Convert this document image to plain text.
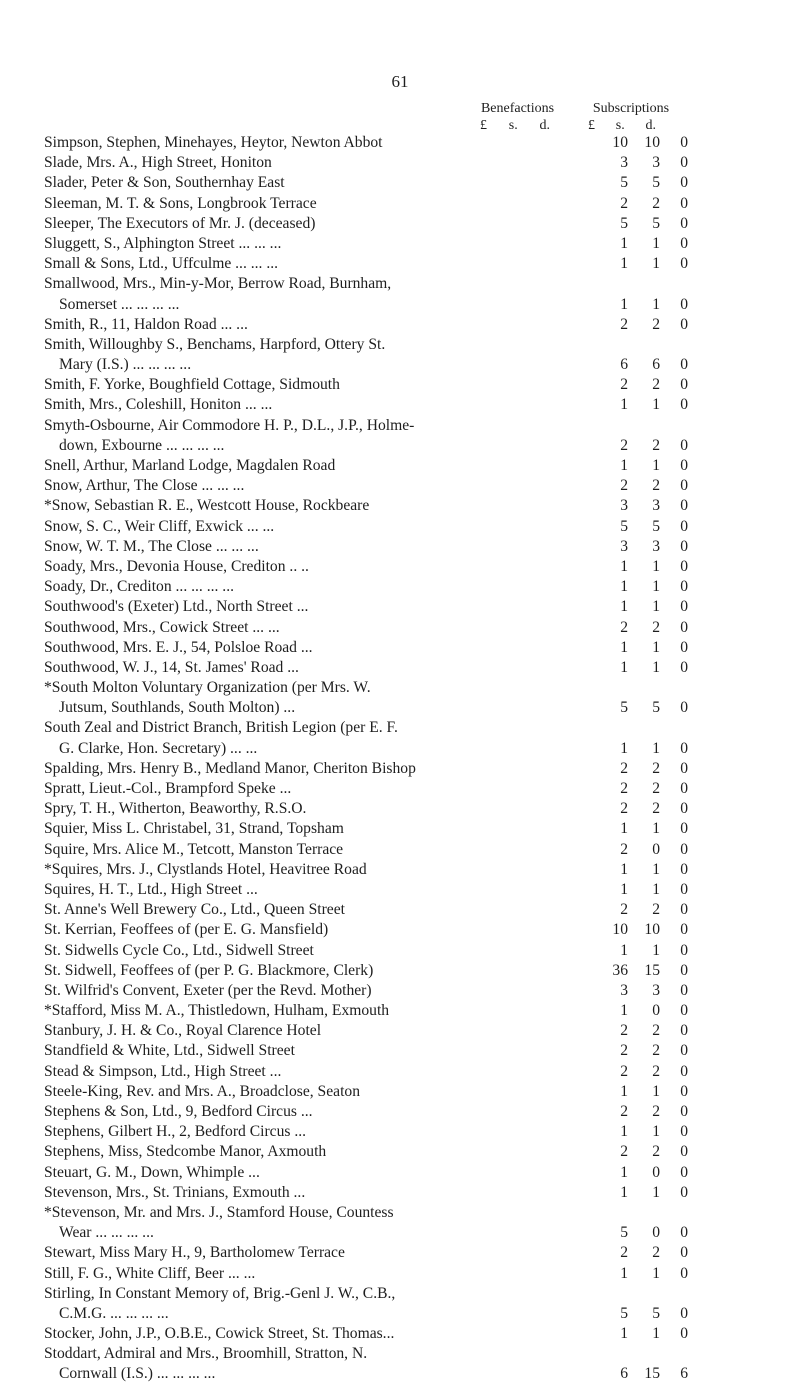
61
Benefactions
£ s. d.
Subscriptions
£ s. d.
Simpson, Stephen, Minehayes, Heytor, Newton Abbot	10	10	0
Slade, Mrs. A., High Street, Honiton	3	3	0
Slader, Peter & Son, Southernhay East	5	5	0
Sleeman, M. T. & Sons, Longbrook Terrace	2	2	0
Sleeper, The Executors of Mr. J. (deceased)	5	5	0
Sluggett, S., Alphington Street ... ... ...	1	1	0
Small & Sons, Ltd., Uffculme ... ... ...	1	1	0
Smallwood, Mrs., Min-y-Mor, Berrow Road, Burnham,
Somerset ... ... ... ...	1	1	0
Smith, R., 11, Haldon Road ... ...	2	2	0
Smith, Willoughby S., Benchams, Harpford, Ottery St.
Mary (I.S.) ... ... ... ...	6	6	0
Smith, F. Yorke, Boughfield Cottage, Sidmouth	2	2	0
Smith, Mrs., Coleshill, Honiton ... ...	1	1	0
Smyth-Osbourne, Air Commodore H. P., D.L., J.P., Holme-
down, Exbourne ... ... ... ...	2	2	0
Snell, Arthur, Marland Lodge, Magdalen Road	1	1	0
Snow, Arthur, The Close ... ... ...	2	2	0
*Snow, Sebastian R. E., Westcott House, Rockbeare	3	3	0
Snow, S. C., Weir Cliff, Exwick ... ...	5	5	0
Snow, W. T. M., The Close ... ... ...	3	3	0
Soady, Mrs., Devonia House, Crediton .. ..	1	1	0
Soady, Dr., Crediton ... ... ... ...	1	1	0
Southwood's (Exeter) Ltd., North Street ...	1	1	0
Southwood, Mrs., Cowick Street ... ...	2	2	0
Southwood, Mrs. E. J., 54, Polsloe Road ...	1	1	0
Southwood, W. J., 14, St. James' Road ...	1	1	0
*South Molton Voluntary Organization (per Mrs. W.
Jutsum, Southlands, South Molton) ...	5	5	0
South Zeal and District Branch, British Legion (per E. F.
G. Clarke, Hon. Secretary) ... ...	1	1	0
Spalding, Mrs. Henry B., Medland Manor, Cheriton Bishop	2	2	0
Spratt, Lieut.-Col., Brampford Speke ...	2	2	0
Spry, T. H., Witherton, Beaworthy, R.S.O.	2	2	0
Squier, Miss L. Christabel, 31, Strand, Topsham	1	1	0
Squire, Mrs. Alice M., Tetcott, Manston Terrace	2	0	0
*Squires, Mrs. J., Clystlands Hotel, Heavitree Road	1	1	0
Squires, H. T., Ltd., High Street ...	1	1	0
St. Anne's Well Brewery Co., Ltd., Queen Street	2	2	0
St. Kerrian, Feoffees of (per E. G. Mansfield)	10	10	0
St. Sidwells Cycle Co., Ltd., Sidwell Street	1	1	0
St. Sidwell, Feoffees of (per P. G. Blackmore, Clerk)	36	15	0
St. Wilfrid's Convent, Exeter (per the Revd. Mother)	3	3	0
*Stafford, Miss M. A., Thistledown, Hulham, Exmouth	1	0	0
Stanbury, J. H. & Co., Royal Clarence Hotel	2	2	0
Standfield & White, Ltd., Sidwell Street	2	2	0
Stead & Simpson, Ltd., High Street ...	2	2	0
Steele-King, Rev. and Mrs. A., Broadclose, Seaton	1	1	0
Stephens & Son, Ltd., 9, Bedford Circus ...	2	2	0
Stephens, Gilbert H., 2, Bedford Circus ...	1	1	0
Stephens, Miss, Stedcombe Manor, Axmouth	2	2	0
Steuart, G. M., Down, Whimple ...	1	0	0
Stevenson, Mrs., St. Trinians, Exmouth ...	1	1	0
*Stevenson, Mr. and Mrs. J., Stamford House, Countess
Wear ... ... ... ...	5	0	0
Stewart, Miss Mary H., 9, Bartholomew Terrace	2	2	0
Still, F. G., White Cliff, Beer ... ...	1	1	0
Stirling, In Constant Memory of, Brig.-Genl J. W., C.B.,
C.M.G. ... ... ... ...	5	5	0
Stocker, John, J.P., O.B.E., Cowick Street, St. Thomas...	1	1	0
Stoddart, Admiral and Mrs., Broomhill, Stratton, N.
Cornwall (I.S.) ... ... ... ...	6	15	6
